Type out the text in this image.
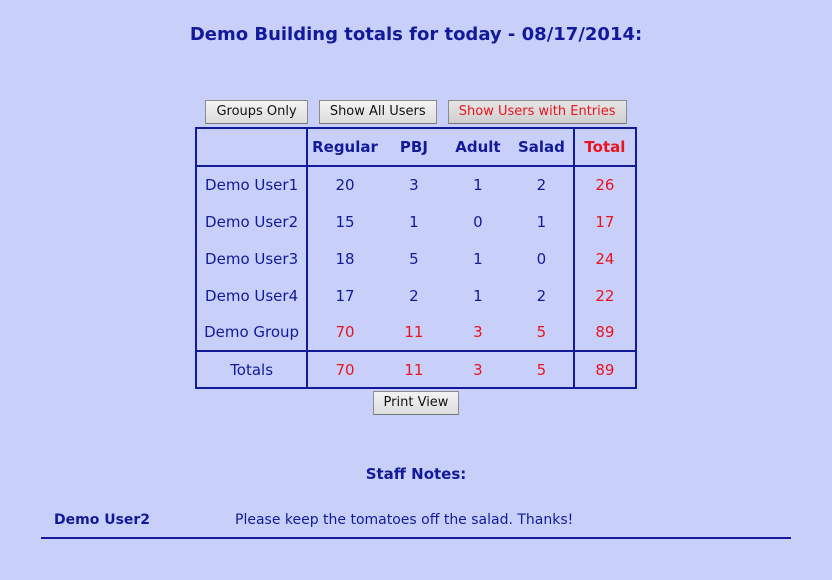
Demo Building totals for today - 08/17/2014:
Groups Only	Show All Users	Show Users with Entries
	Regular	PBJ	Adult	Salad	Total
Demo User1	20	3	1	2	26
Demo User2	15	1	0	1	17
Demo User3	18	5	1	0	24
Demo User4	17	2	1	2	22
Demo Group	70	11	3	5	89
Totals	70	11	3	5	89
Print View
Staff Notes:
Demo User2	Please keep the tomatoes off the salad. Thanks!
